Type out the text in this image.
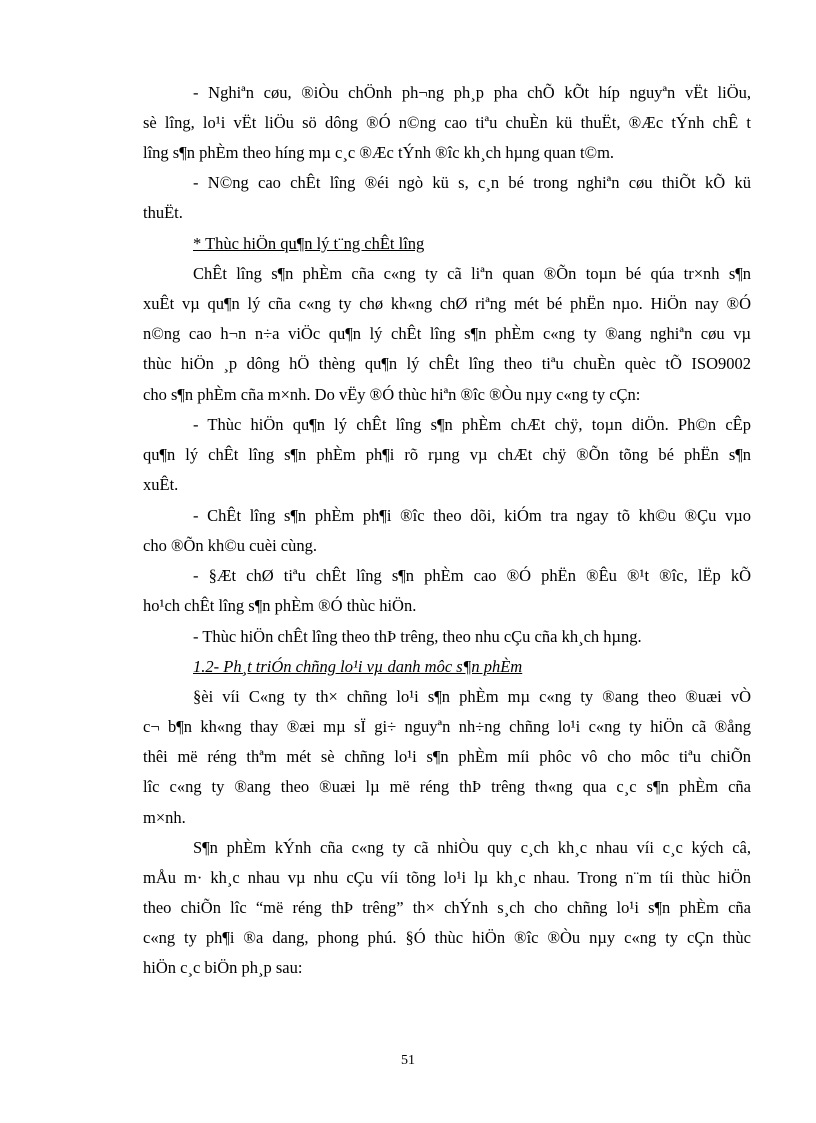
- Nghiªn cøu, ®iÒu chÖnh ph¬ng ph¸p pha chÕ kÕt híp nguyªn vËt liÖu,
sè lîng, lo¹i vËt liÖu sö dông ®Ó n©ng cao tiªu chuÈn kü thuËt, ®Æc tÝnh chÊ t
lîng s¶n phÈm theo híng mµ c¸c ®Æc tÝnh ®îc kh¸ch hµng quan t©m.
- N©ng cao chÊt lîng ®éi ngò kü s, c¸n bé trong nghiªn cøu thiÕt kÕ kü
thuËt.
* Thùc hiÖn qu¶n lý t¨ng chÊt lîng
ChÊt lîng s¶n phÈm cña c«ng ty cã liªn quan ®Õn toµn bé qúa tr×nh s¶n
xuÊt vµ qu¶n lý cña c«ng ty chø kh«ng chØ riªng mét bé phËn nµo. HiÖn nay ®Ó
n©ng cao h¬n n÷a viÖc qu¶n lý chÊt lîng s¶n phÈm c«ng ty ®ang nghiªn cøu vµ
thùc hiÖn ¸p dông hÖ thèng qu¶n lý chÊt lîng theo tiªu chuÈn quèc tÕ ISO9002
cho s¶n phÈm cña m×nh. Do vËy ®Ó thùc hiªn ®îc ®Òu nµy c«ng ty cÇn:
- Thùc hiÖn qu¶n lý chÊt lîng s¶n phÈm chÆt chÿ, toµn diÖn. Ph©n cÊp
qu¶n lý chÊt lîng s¶n phÈm ph¶i rõ rµng vµ chÆt chÿ ®Õn tõng bé phËn s¶n
xuÊt.
- ChÊt lîng s¶n phÈm ph¶i ®îc theo dõi, kiÓm tra ngay tõ kh©u ®Çu vµo
cho ®Õn kh©u cuèi cùng.
- §Æt chØ tiªu chÊt lîng s¶n phÈm cao ®Ó phËn ®Êu ®¹t ®îc, lËp kÕ
ho¹ch chÊt lîng s¶n phÈm ®Ó thùc hiÖn.
- Thùc hiÖn chÊt lîng theo thÞ trêng, theo nhu cÇu cña kh¸ch hµng.
1.2- Ph¸t triÓn chñng lo¹i vµ danh môc s¶n phÈm
§èi víi C«ng ty th× chñng lo¹i s¶n phÈm mµ c«ng ty ®ang theo ®uæi vÒ
c¬ b¶n kh«ng thay ®æi mµ sÏ gi÷ nguyªn nh÷ng chñng lo¹i c«ng ty hiÖn cã ®ång
thêi më réng thªm mét sè chñng lo¹i s¶n phÈm míi phôc vô cho môc tiªu chiÕn
lîc c«ng ty ®ang theo ®uæi lµ më réng thÞ trêng th«ng qua c¸c s¶n phÈm cña
m×nh.
S¶n phÈm kÝnh cña c«ng ty cã nhiÒu quy c¸ch kh¸c nhau víi c¸c kých câ,
mÅu m· kh¸c nhau vµ nhu cÇu víi tõng lo¹i lµ kh¸c nhau. Trong n¨m tíi thùc hiÖn
theo chiÕn lîc “më réng thÞ trêng” th× chÝnh s¸ch cho chñng lo¹i s¶n phÈm cña
c«ng ty ph¶i ®a dang, phong phú. §Ó thùc hiÖn ®îc ®Òu nµy c«ng ty cÇn thùc
hiÖn c¸c biÖn ph¸p sau:
51
